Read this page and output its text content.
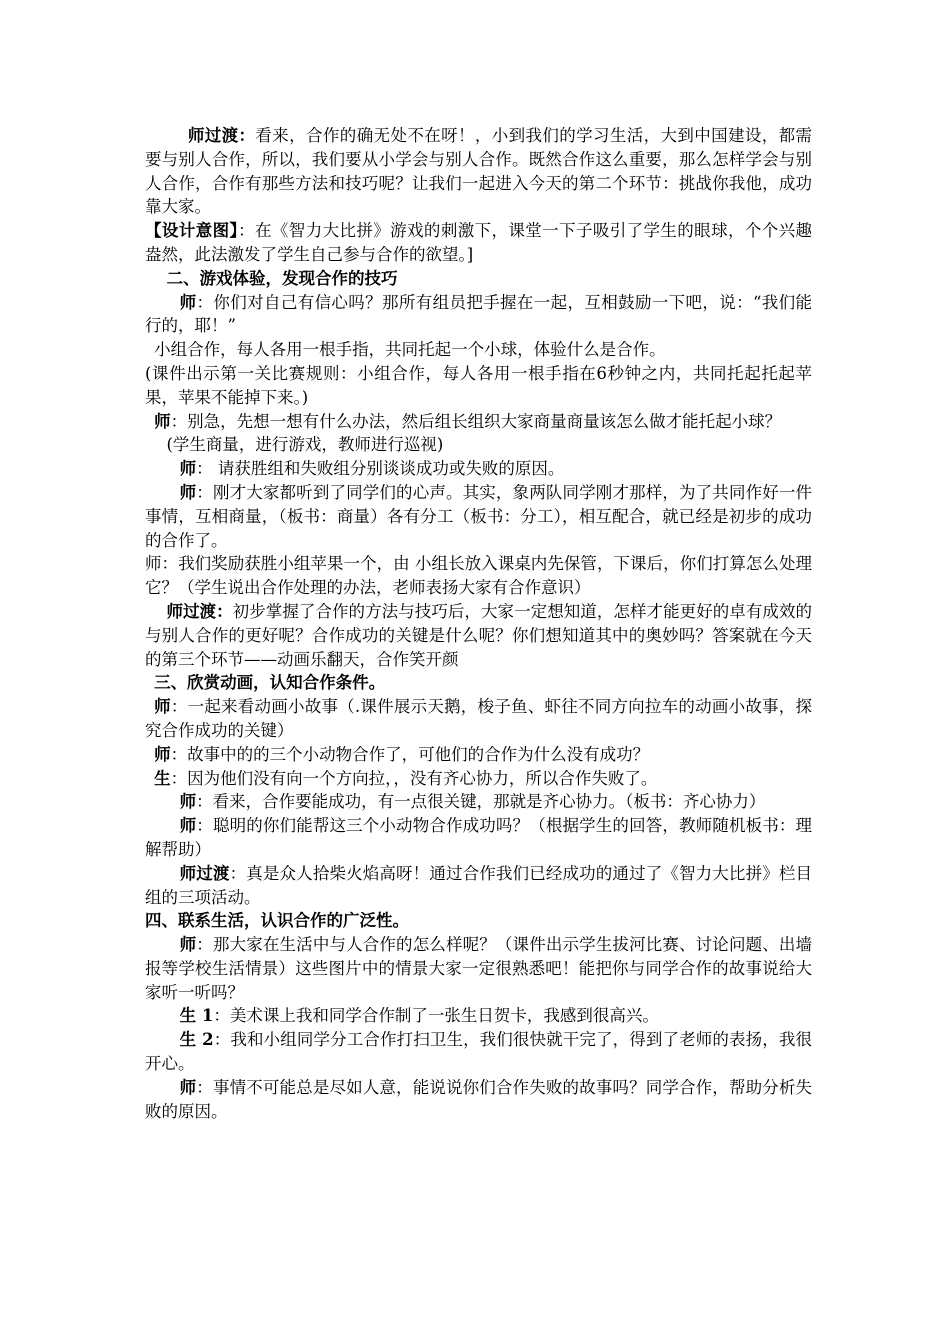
师过渡：看来，合作的确无处不在呀！，小到我们的学习生活，大到中国建设，都需要与别人合作，所以，我们要从小学会与别人合作。既然合作这么重要，那么怎样学会与别人合作，合作有那些方法和技巧呢？让我们一起进入今天的第二个环节：挑战你我他，成功靠大家。

【设计意图】：在《智力大比拼》游戏的刺激下，课堂一下子吸引了学生的眼球，个个兴趣盎然，此法激发了学生自己参与合作的欲望。]

二、游戏体验，发现合作的技巧

师：你们对自己有信心吗？那所有组员把手握在一起，互相鼓励一下吧，说：“我们能行的，耶！”

小组合作，每人各用一根手指，共同托起一个小球，体验什么是合作。

(课件出示第一关比赛规则：小组合作，每人各用一根手指在6秒钟之内，共同托起托起苹果，苹果不能掉下来。)

师：别急，先想一想有什么办法，然后组长组织大家商量商量该怎么做才能托起小球？

(学生商量，进行游戏，教师进行巡视)

师： 请获胜组和失败组分别谈谈成功或失败的原因。

师：刚才大家都听到了同学们的心声。其实，象两队同学刚才那样，为了共同作好一件事情，互相商量，（板书：商量）各有分工（板书：分工），相互配合，就已经是初步的成功的合作了。

师：我们奖励获胜小组苹果一个，由 小组长放入课桌内先保管，下课后，你们打算怎么处理它？（学生说出合作处理的办法，老师表扬大家有合作意识）

师过渡：初步掌握了合作的方法与技巧后，大家一定想知道，怎样才能更好的卓有成效的与别人合作的更好呢？合作成功的关键是什么呢？你们想知道其中的奥妙吗？答案就在今天的第三个环节——动画乐翻天，合作笑开颜

三、欣赏动画，认知合作条件。

师：一起来看动画小故事（.课件展示天鹅，梭子鱼、虾往不同方向拉车的动画小故事，探究合作成功的关键）

师：故事中的的三个小动物合作了，可他们的合作为什么没有成功？

生：因为他们没有向一个方向拉，，没有齐心协力，所以合作失败了。

师：看来，合作要能成功，有一点很关键，那就是齐心协力。（板书：齐心协力）

师：聪明的你们能帮这三个小动物合作成功吗？（根据学生的回答，教师随机板书：理解帮助）

师过渡：真是众人拾柴火焰高呀！通过合作我们已经成功的通过了《智力大比拼》栏目组的三项活动。

四、联系生活，认识合作的广泛性。

师：那大家在生活中与人合作的怎么样呢？（课件出示学生拔河比赛、讨论问题、出墙报等学校生活情景）这些图片中的情景大家一定很熟悉吧！能把你与同学合作的故事说给大家听一听吗？

生 1：美术课上我和同学合作制了一张生日贺卡，我感到很高兴。

生 2：我和小组同学分工合作打扫卫生，我们很快就干完了，得到了老师的表扬，我很开心。

师：事情不可能总是尽如人意，能说说你们合作失败的故事吗？同学合作，帮助分析失败的原因。
